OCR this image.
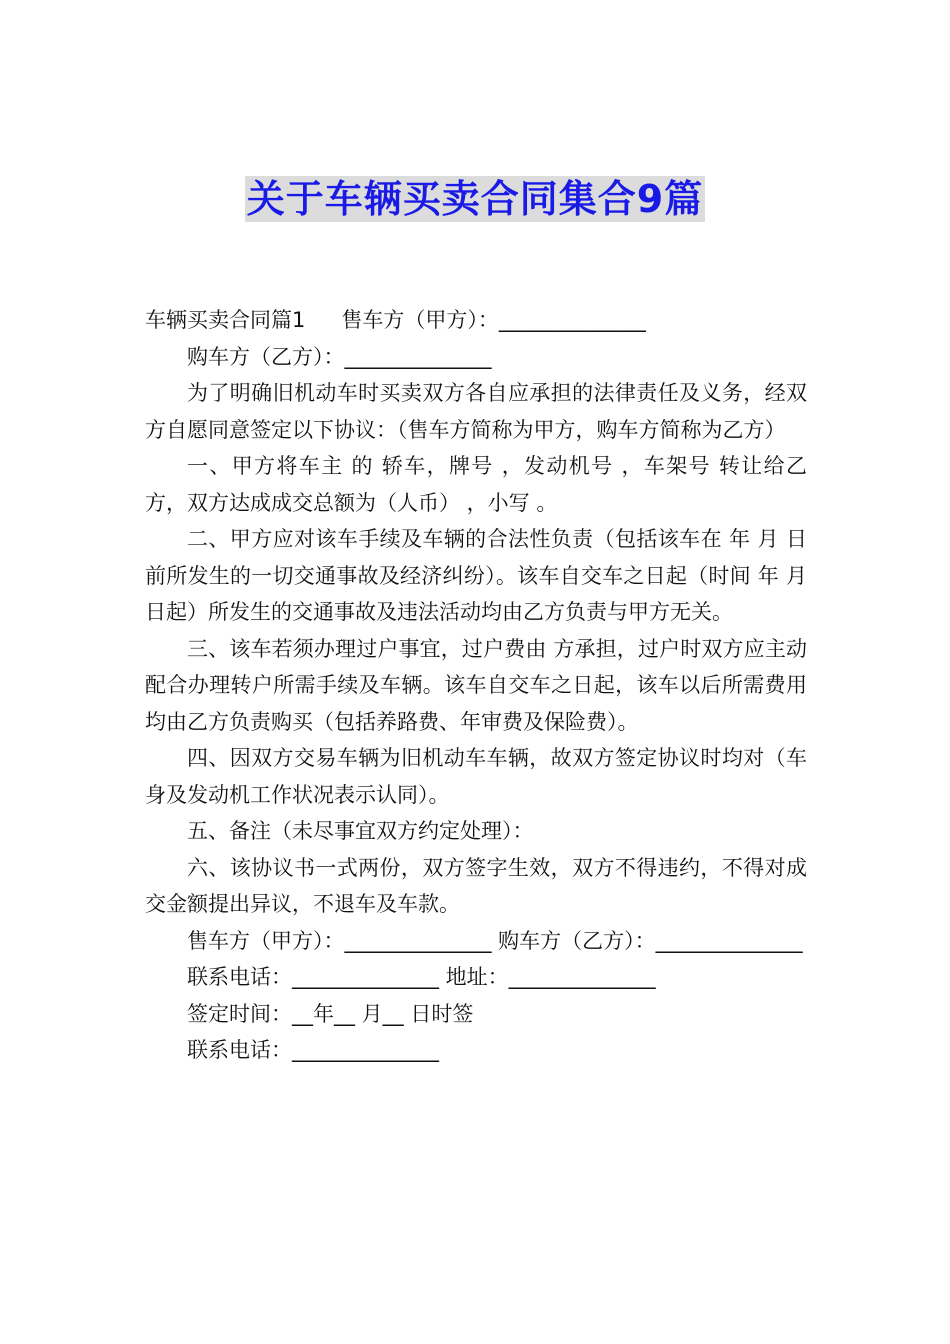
关于车辆买卖合同集合9篇

车辆买卖合同篇1 售车方（甲方）：______________

购车方（乙方）：______________

为了明确旧机动车时买卖双方各自应承担的法律责任及义务，经双方自愿同意签定以下协议：（售车方简称为甲方，购车方简称为乙方）

一、甲方将车主 的 轿车，牌号 ，发动机号 ，车架号 转让给乙方，双方达成成交总额为（人币） ，小写 。

二、甲方应对该车手续及车辆的合法性负责（包括该车在 年 月 日前所发生的一切交通事故及经济纠纷）。该车自交车之日起（时间 年 月 日起）所发生的交通事故及违法活动均由乙方负责与甲方无关。

三、该车若须办理过户事宜，过户费由 方承担，过户时双方应主动配合办理转户所需手续及车辆。该车自交车之日起，该车以后所需费用均由乙方负责购买（包括养路费、年审费及保险费）。

四、因双方交易车辆为旧机动车车辆，故双方签定协议时均对（车身及发动机工作状况表示认同）。

五、备注（未尽事宜双方约定处理）：

六、该协议书一式两份，双方签字生效，双方不得违约，不得对成交金额提出异议，不退车及车款。

售车方（甲方）：______________ 购车方（乙方）：______________

联系电话：______________ 地址：______________

签定时间：__年__ 月__ 日时签

联系电话：______________
